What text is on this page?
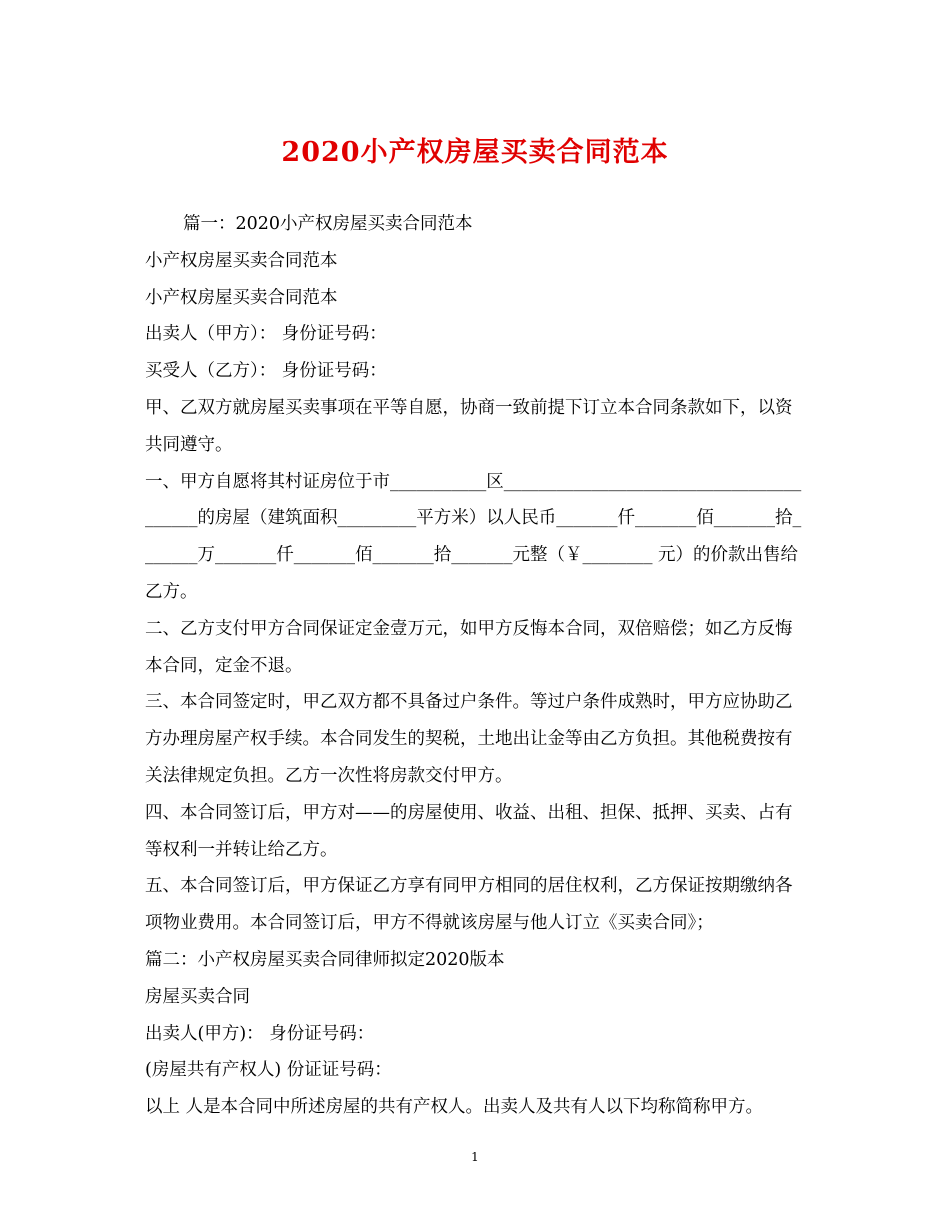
2020小产权房屋买卖合同范本

篇一：2020小产权房屋买卖合同范本

小产权房屋买卖合同范本

小产权房屋买卖合同范本

出卖人（甲方）： 身份证号码：

买受人（乙方）： 身份证号码：

甲、乙双方就房屋买卖事项在平等自愿，协商一致前提下订立本合同条款如下，以资共同遵守。

一、甲方自愿将其村证房位于市___________区________________________________________的房屋（建筑面积_________平方米）以人民币_______仟_______佰_______拾_______万_______仟_______佰_______拾_______元整（￥________ 元）的价款出售给乙方。

二、乙方支付甲方合同保证定金壹万元，如甲方反悔本合同，双倍赔偿；如乙方反悔本合同，定金不退。

三、本合同签定时，甲乙双方都不具备过户条件。等过户条件成熟时，甲方应协助乙方办理房屋产权手续。本合同发生的契税，土地出让金等由乙方负担。其他税费按有关法律规定负担。乙方一次性将房款交付甲方。

四、本合同签订后，甲方对——的房屋使用、收益、出租、担保、抵押、买卖、占有等权利一并转让给乙方。

五、本合同签订后，甲方保证乙方享有同甲方相同的居住权利，乙方保证按期缴纳各项物业费用。本合同签订后，甲方不得就该房屋与他人订立《买卖合同》；

篇二：小产权房屋买卖合同律师拟定2020版本

房屋买卖合同

出卖人(甲方)： 身份证号码：

(房屋共有产权人) 份证证号码：

以上 人是本合同中所述房屋的共有产权人。出卖人及共有人以下均称简称甲方。

1
